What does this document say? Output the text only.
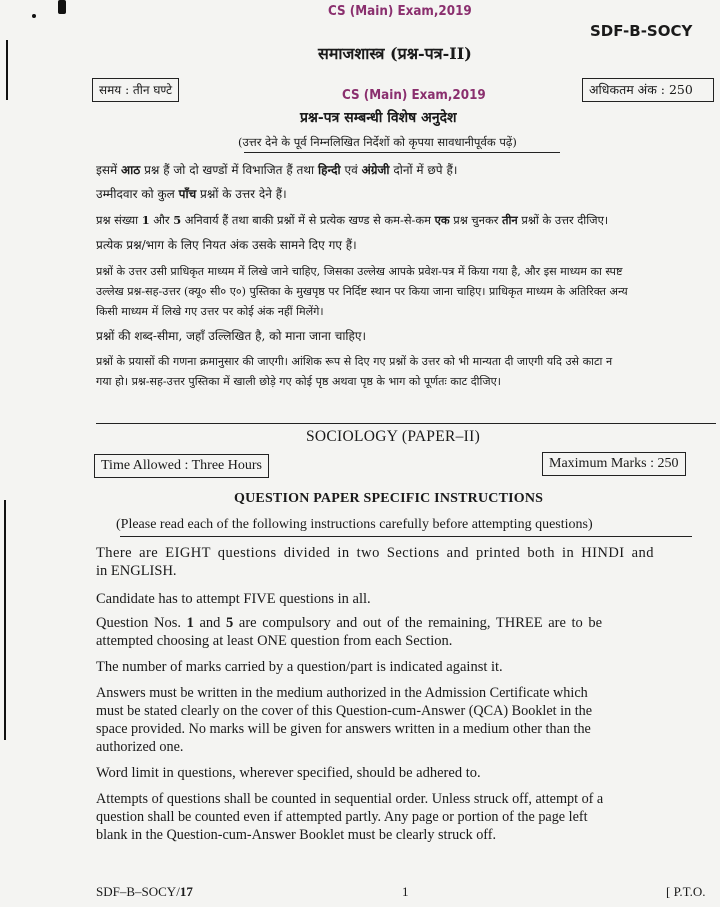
CS (Main) Exam,2019
SDF-B-SOCY
समाजशास्त्र (प्रश्न-पत्र-II)
समय : तीन घण्टे	अधिकतम अंक : 250
CS (Main) Exam,2019
प्रश्न-पत्र सम्बन्धी विशेष अनुदेश
(उत्तर देने के पूर्व निम्नलिखित निर्देशों को कृपया सावधानीपूर्वक पढ़ें)
इसमें आठ प्रश्न हैं जो दो खण्डों में विभाजित हैं तथा हिन्दी एवं अंग्रेजी दोनों में छपे हैं।
उम्मीदवार को कुल पाँच प्रश्नों के उत्तर देने हैं।
प्रश्न संख्या 1 और 5 अनिवार्य हैं तथा बाकी प्रश्नों में से प्रत्येक खण्ड से कम-से-कम एक प्रश्न चुनकर तीन प्रश्नों के उत्तर दीजिए।
प्रत्येक प्रश्न/भाग के लिए नियत अंक उसके सामने दिए गए हैं।
प्रश्नों के उत्तर उसी प्राधिकृत माध्यम में लिखे जाने चाहिए, जिसका उल्लेख आपके प्रवेश-पत्र में किया गया है, और इस माध्यम का स्पष्ट
उल्लेख प्रश्न-सह-उत्तर (क्यू० सी० ए०) पुस्तिका के मुखपृष्ठ पर निर्दिष्ट स्थान पर किया जाना चाहिए। प्राधिकृत माध्यम के अतिरिक्त अन्य
किसी माध्यम में लिखे गए उत्तर पर कोई अंक नहीं मिलेंगे।
प्रश्नों की शब्द-सीमा, जहाँ उल्लिखित है, को माना जाना चाहिए।
प्रश्नों के प्रयासों की गणना क्रमानुसार की जाएगी। आंशिक रूप से दिए गए प्रश्नों के उत्तर को भी मान्यता दी जाएगी यदि उसे काटा न
गया हो। प्रश्न-सह-उत्तर पुस्तिका में खाली छोड़े गए कोई पृष्ठ अथवा पृष्ठ के भाग को पूर्णतः काट दीजिए।
SOCIOLOGY (PAPER–II)
Time Allowed : Three Hours	Maximum Marks : 250
QUESTION PAPER SPECIFIC INSTRUCTIONS
(Please read each of the following instructions carefully before attempting questions)
There are EIGHT questions divided in two Sections and printed both in HINDI and
in ENGLISH.
Candidate has to attempt FIVE questions in all.
Question Nos. 1 and 5 are compulsory and out of the remaining, THREE are to be
attempted choosing at least ONE question from each Section.
The number of marks carried by a question/part is indicated against it.
Answers must be written in the medium authorized in the Admission Certificate which
must be stated clearly on the cover of this Question-cum-Answer (QCA) Booklet in the
space provided. No marks will be given for answers written in a medium other than the
authorized one.
Word limit in questions, wherever specified, should be adhered to.
Attempts of questions shall be counted in sequential order. Unless struck off, attempt of a
question shall be counted even if attempted partly. Any page or portion of the page left
blank in the Question-cum-Answer Booklet must be clearly struck off.
SDF–B–SOCY/17	1	[ P.T.O.
